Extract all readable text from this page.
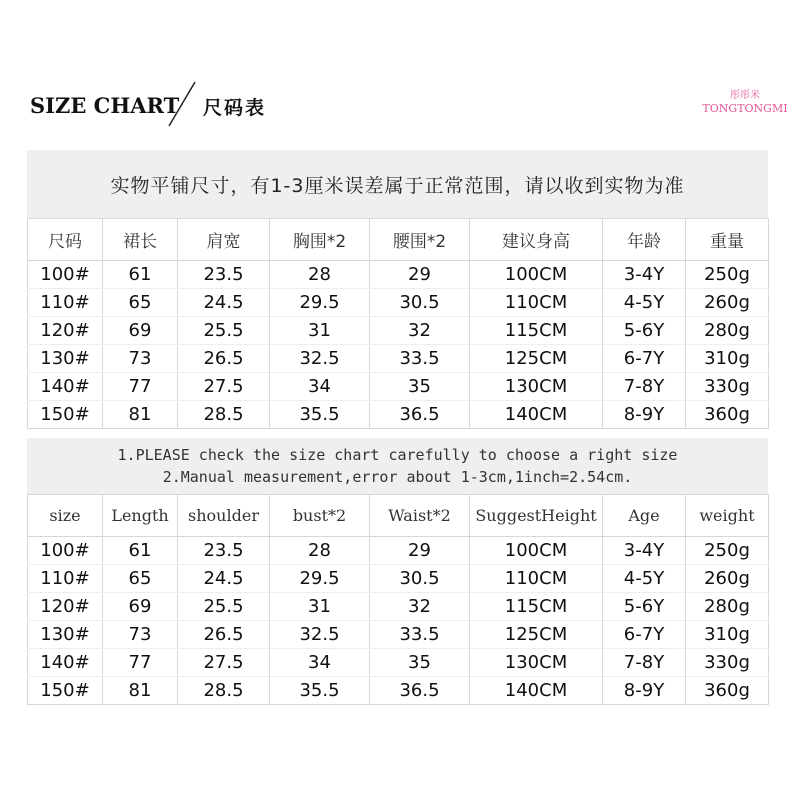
SIZE CHART 尺码表
彤彤米
TONGTONGMI
实物平铺尺寸，有1-3厘米误差属于正常范围，请以收到实物为准
尺码	裙长	肩宽	胸围*2	腰围*2	建议身高	年龄	重量
100#	61	23.5	28	29	100CM	3-4Y	250g
110#	65	24.5	29.5	30.5	110CM	4-5Y	260g
120#	69	25.5	31	32	115CM	5-6Y	280g
130#	73	26.5	32.5	33.5	125CM	6-7Y	310g
140#	77	27.5	34	35	130CM	7-8Y	330g
150#	81	28.5	35.5	36.5	140CM	8-9Y	360g
1.PLEASE check the size chart carefully to choose a right size
2.Manual measurement,error about 1-3cm,1inch=2.54cm.
size	Length	shoulder	bust*2	Waist*2	SuggestHeight	Age	weight
100#	61	23.5	28	29	100CM	3-4Y	250g
110#	65	24.5	29.5	30.5	110CM	4-5Y	260g
120#	69	25.5	31	32	115CM	5-6Y	280g
130#	73	26.5	32.5	33.5	125CM	6-7Y	310g
140#	77	27.5	34	35	130CM	7-8Y	330g
150#	81	28.5	35.5	36.5	140CM	8-9Y	360g
